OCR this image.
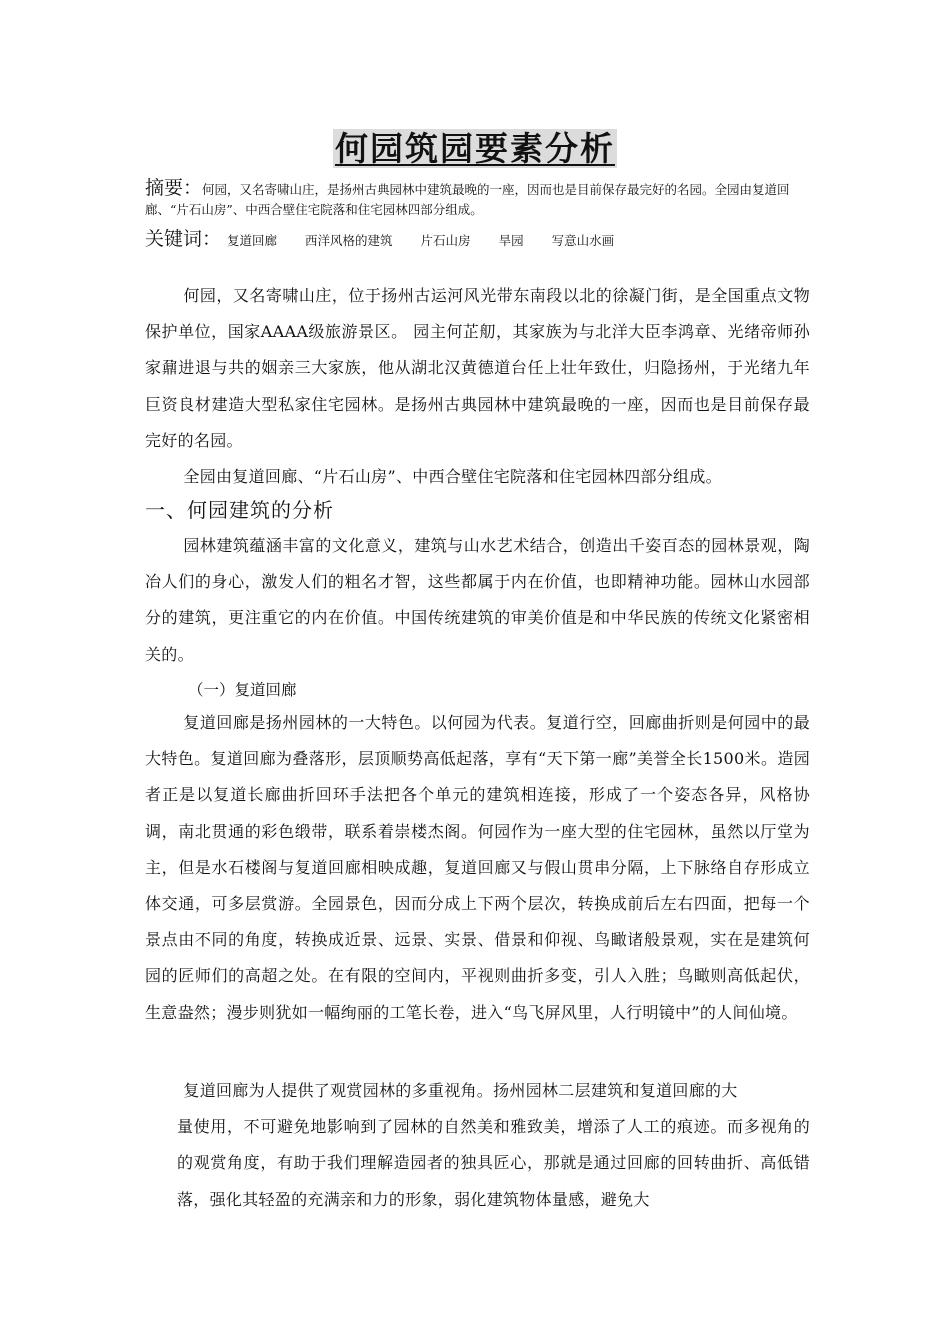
何园筑园要素分析
摘要：何园，又名寄啸山庄，是扬州古典园林中建筑最晚的一座，因而也是目前保存最完好的名园。全园由复道回廊、“片石山房”、中西合壁住宅院落和住宅园林四部分组成。
关键词： 复道回廊 西洋风格的建筑 片石山房 旱园 写意山水画

何园，又名寄啸山庄，位于扬州古运河风光带东南段以北的徐凝门街，是全国重点文物保护单位，国家AAAA级旅游景区。 园主何芷舠，其家族为与北洋大臣李鸿章、光绪帝师孙家鼐进退与共的姻亲三大家族，他从湖北汉黄德道台任上壮年致仕，归隐扬州，于光绪九年巨资良材建造大型私家住宅园林。是扬州古典园林中建筑最晚的一座，因而也是目前保存最完好的名园。

全园由复道回廊、“片石山房”、中西合壁住宅院落和住宅园林四部分组成。

一、何园建筑的分析

园林建筑蕴涵丰富的文化意义，建筑与山水艺术结合，创造出千姿百态的园林景观，陶冶人们的身心，激发人们的粗名才智，这些都属于内在价值，也即精神功能。园林山水园部分的建筑，更注重它的内在价值。中国传统建筑的审美价值是和中华民族的传统文化紧密相关的。

（一）复道回廊

复道回廊是扬州园林的一大特色。以何园为代表。复道行空，回廊曲折则是何园中的最大特色。复道回廊为叠落形，层顶顺势高低起落，享有“天下第一廊”美誉全长1500米。造园者正是以复道长廊曲折回环手法把各个单元的建筑相连接，形成了一个姿态各异，风格协调，南北贯通的彩色缎带，联系着崇楼杰阁。何园作为一座大型的住宅园林，虽然以厅堂为主，但是水石楼阁与复道回廊相映成趣，复道回廊又与假山贯串分隔，上下脉络自存形成立体交通，可多层赏游。全园景色，因而分成上下两个层次，转换成前后左右四面，把每一个景点由不同的角度，转换成近景、远景、实景、借景和仰视、鸟瞰诸般景观，实在是建筑何园的匠师们的高超之处。在有限的空间内，平视则曲折多变，引人入胜；鸟瞰则高低起伏，生意盎然；漫步则犹如一幅绚丽的工笔长卷，进入“鸟飞屏风里，人行明镜中”的人间仙境。

复道回廊为人提供了观赏园林的多重视角。扬州园林二层建筑和复道回廊的大

量使用，不可避免地影响到了园林的自然美和雅致美，增添了人工的痕迹。而多视角的的观赏角度，有助于我们理解造园者的独具匠心，那就是通过回廊的回转曲折、高低错落，强化其轻盈的充满亲和力的形象，弱化建筑物体量感，避免大
